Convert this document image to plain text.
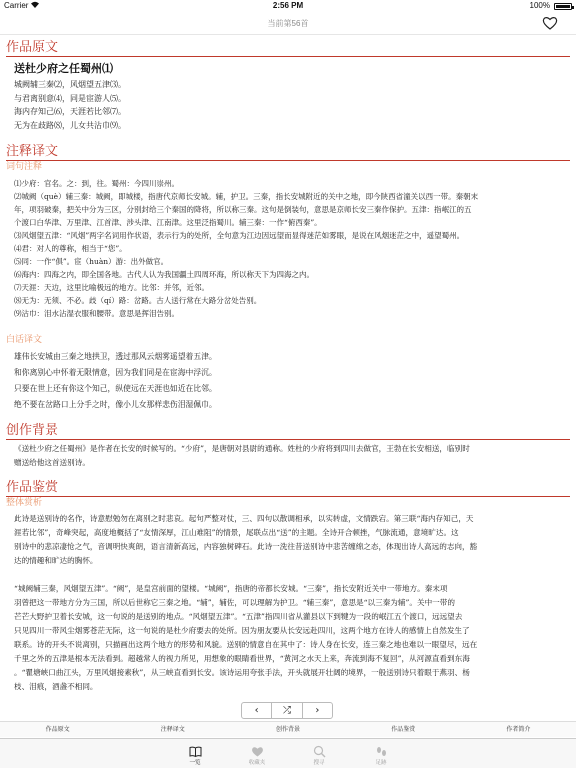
Carrier	2:56 PM	100%
当前第56首
作品原文
送杜少府之任蜀州⑴
城阙辅三秦⑵，风烟望五津⑶。
与君离别意⑷，同是宦游人⑸。
海内存知己⑹，天涯若比邻⑺。
无为在歧路⑻，儿女共沾巾⑼。
注释译文
词句注释
⑴少府：官名。之：到，往。蜀州：今四川崇州。
⑵城阙（què）辅三秦：城阙，即城楼，指唐代京师长安城。辅，护卫。三秦，指长安城附近的关中之地，即今陕西省潼关以西一带。秦朝末
年，项羽破秦，把关中分为三区，分别封给三个秦国的降将，所以称三秦。这句是倒装句，意思是京师长安三秦作保护。五津：指岷江的五
个渡口白华津、万里津、江首津、涉头津、江南津。这里泛指蜀川。辅三秦：一作“俯西秦”。
⑶风烟望五津：“风烟”两字名词用作状语，表示行为的处所，全句意为江边因远望而显得迷茫如雾眼，是说在风烟迷茫之中，遥望蜀州。
⑷君：对人的尊称，相当于“您”。
⑸同：一作“俱”。宦（huàn）游：出外做官。
⑹海内：四海之内，即全国各地。古代人认为我国疆土四周环海，所以称天下为四海之内。
⑺天涯：天边，这里比喻极远的地方。比邻：并邻，近邻。
⑻无为：无须、不必。歧（qí）路：岔路。古人送行常在大路分岔处告别。
⑼沾巾：泪水沾湿衣服和腰带。意思是挥泪告别。
白话译文
雄伟长安城由三秦之地拱卫，透过那风云烟雾遥望着五津。
和你离别心中怀着无限情意，因为我们同是在宦海中浮沉。
只要在世上还有你这个知己，纵使远在天涯也如近在比邻。
绝不要在岔路口上分手之时，像小儿女那样悲伤泪湿佩巾。
创作背景
《送杜少府之任蜀州》是作者在长安的时候写的。“少府”，是唐朝对县尉的通称。姓杜的少府将到四川去做官，王勃在长安相送，临别时
赠送给他这首送别诗。
作品鉴赏
整体赏析
此诗是送别诗的名作，诗意慰勉勿在离别之时悲哀。起句严整对仗，三、四句以散调相承，以实转虚，文情跌宕。第三联“海内存知己，天
涯若比邻”，奇峰突起，高度地概括了“友情深厚，江山难阻”的情景，尾联点出“送”的主题。全诗开合顿挫，气脉流通，意境旷达。这
别诗中的悲凉凄怆之气，音调明快爽朗，语言清新高远，内容独树碑石。此诗一洗往昔送别诗中悲苦缠绵之态，体现出诗人高远的志向，豁
达的情趣和旷达的胸怀。
“城阙辅三秦，风烟望五津”。“阙”，是皇宫前面的望楼。“城阙”，指唐的帝都长安城。“三秦”，指长安附近关中一带地方。秦末项
羽曾把这一带地方分为三国，所以后世称它三秦之地。“辅”，辅佐，可以理解为护卫。“辅三秦”，意思是“以三秦为辅”。关中一带的
芒芒大野护卫着长安城，这一句说的是送别的地点。“风烟望五津”。“五津”指四川省从灌县以下到犍为一段的岷江五个渡口，远远望去
只见四川一带风尘烟雾苍茫无际，这一句说的是杜少府要去的处所。因为朋友要从长安远赴四川，这两个地方在诗人的感情上自然发生了
联系。诗的开头不说离别，只描画出这两个地方的形势和风貌。送别的情意自在其中了：诗人身在长安，连三秦之地也难以一眼望尽，远在
千里之外的五津是根本无法看到。超越常人的视力所见，用想象的眼睛看世界，“黄河之水天上来，奔流到海不复回”，从河源直看到东海
。“瞿塘峡口曲江头，万里风烟接素秋”，从三峡直看到长安。该诗运用夸张手法，开头就展开壮阔的境界，一般送别诗只着眼于燕羽、杨
枝、泪痕，酒盏不相同。
‹ ⤮ ›
作品原文	注释译文	创作背景	作品鉴赏	作者简介
一览	收藏夹	搜寻	足跡
